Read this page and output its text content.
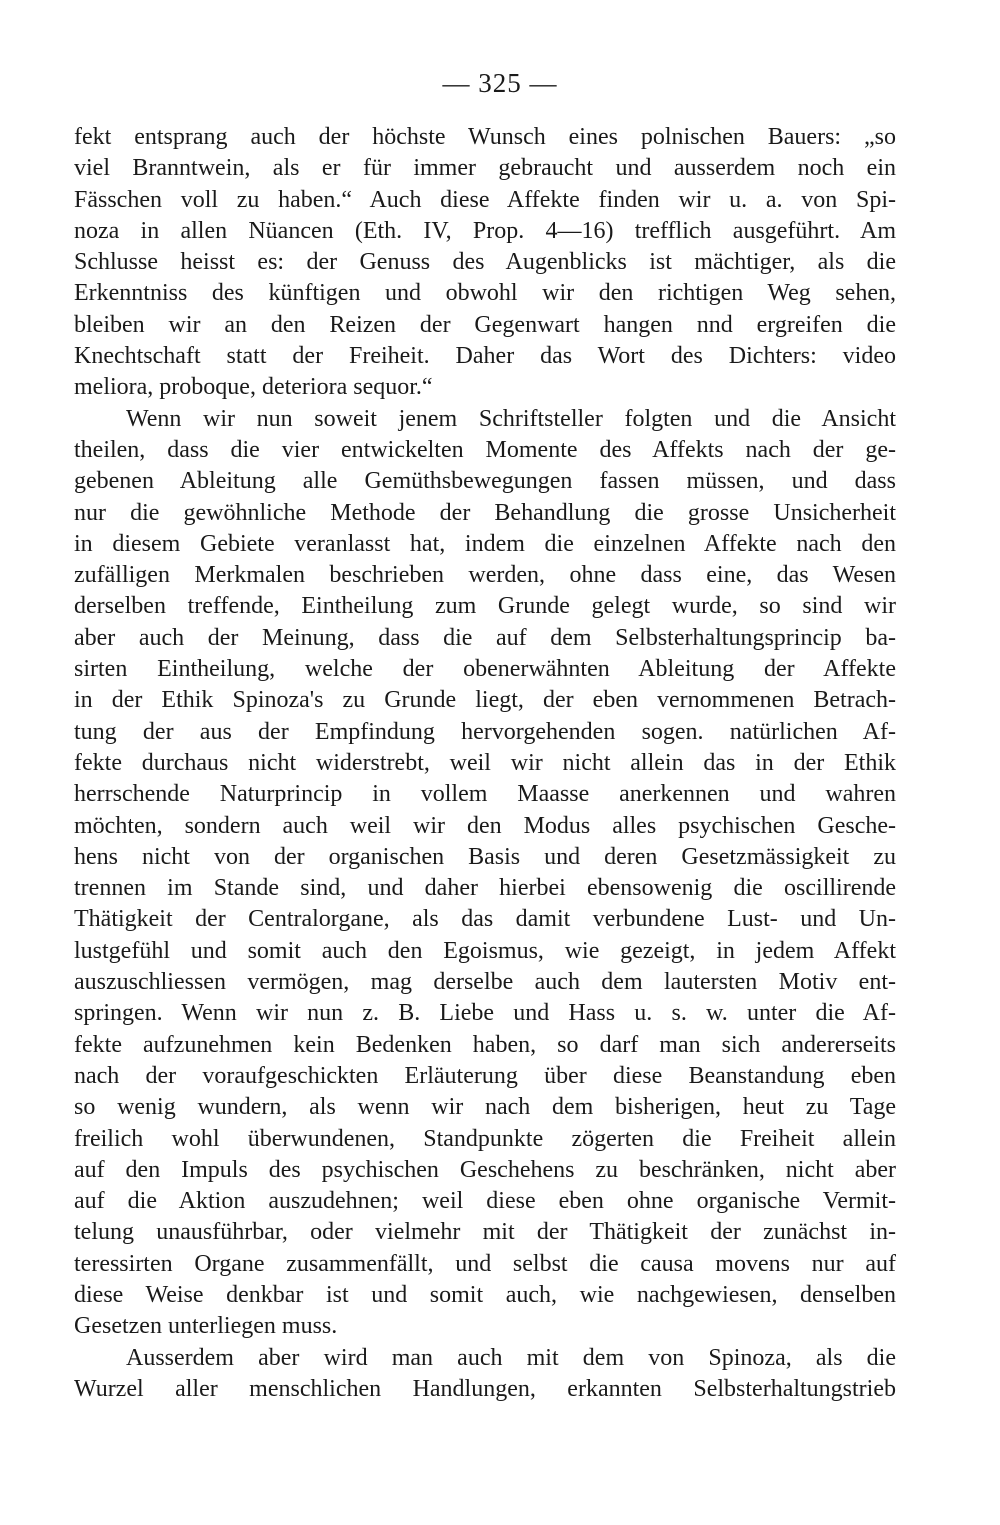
— 325 —
fekt entsprang auch der höchste Wunsch eines polnischen Bauers: „so
viel Branntwein, als er für immer gebraucht und ausserdem noch ein
Fässchen voll zu haben.“ Auch diese Affekte finden wir u. a. von Spi-
noza in allen Nüancen (Eth. IV, Prop. 4—16) trefflich ausgeführt. Am
Schlusse heisst es: der Genuss des Augenblicks ist mächtiger, als die
Erkenntniss des künftigen und obwohl wir den richtigen Weg sehen,
bleiben wir an den Reizen der Gegenwart hangen nnd ergreifen die
Knechtschaft statt der Freiheit. Daher das Wort des Dichters: video
meliora, proboque, deteriora sequor.“
Wenn wir nun soweit jenem Schriftsteller folgten und die Ansicht
theilen, dass die vier entwickelten Momente des Affekts nach der ge-
gebenen Ableitung alle Gemüthsbewegungen fassen müssen, und dass
nur die gewöhnliche Methode der Behandlung die grosse Unsicherheit
in diesem Gebiete veranlasst hat, indem die einzelnen Affekte nach den
zufälligen Merkmalen beschrieben werden, ohne dass eine, das Wesen
derselben treffende, Eintheilung zum Grunde gelegt wurde, so sind wir
aber auch der Meinung, dass die auf dem Selbsterhaltungsprincip ba-
sirten Eintheilung, welche der obenerwähnten Ableitung der Affekte
in der Ethik Spinoza's zu Grunde liegt, der eben vernommenen Betrach-
tung der aus der Empfindung hervorgehenden sogen. natürlichen Af-
fekte durchaus nicht widerstrebt, weil wir nicht allein das in der Ethik
herrschende Naturprincip in vollem Maasse anerkennen und wahren
möchten, sondern auch weil wir den Modus alles psychischen Gesche-
hens nicht von der organischen Basis und deren Gesetzmässigkeit zu
trennen im Stande sind, und daher hierbei ebensowenig die oscillirende
Thätigkeit der Centralorgane, als das damit verbundene Lust- und Un-
lustgefühl und somit auch den Egoismus, wie gezeigt, in jedem Affekt
auszuschliessen vermögen, mag derselbe auch dem lautersten Motiv ent-
springen. Wenn wir nun z. B. Liebe und Hass u. s. w. unter die Af-
fekte aufzunehmen kein Bedenken haben, so darf man sich andererseits
nach der voraufgeschickten Erläuterung über diese Beanstandung eben
so wenig wundern, als wenn wir nach dem bisherigen, heut zu Tage
freilich wohl überwundenen, Standpunkte zögerten die Freiheit allein
auf den Impuls des psychischen Geschehens zu beschränken, nicht aber
auf die Aktion auszudehnen; weil diese eben ohne organische Vermit-
telung unausführbar, oder vielmehr mit der Thätigkeit der zunächst in-
teressirten Organe zusammenfällt, und selbst die causa movens nur auf
diese Weise denkbar ist und somit auch, wie nachgewiesen, denselben
Gesetzen unterliegen muss.
Ausserdem aber wird man auch mit dem von Spinoza, als die
Wurzel aller menschlichen Handlungen, erkannten Selbsterhaltungstrieb
